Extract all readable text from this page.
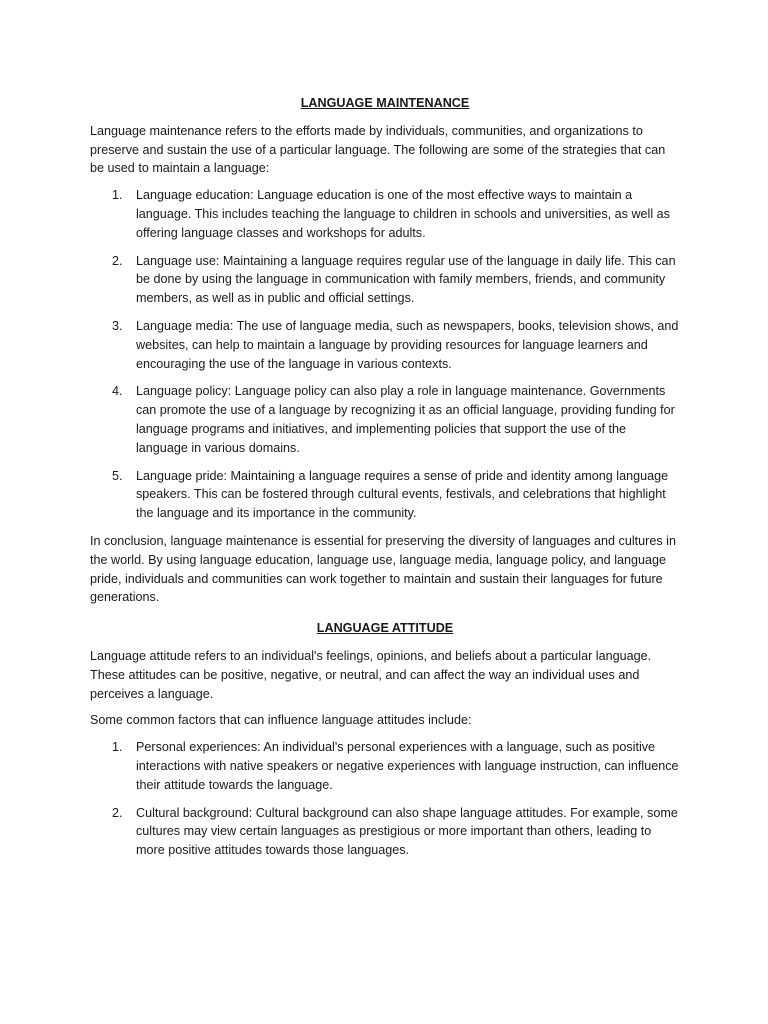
LANGUAGE MAINTENANCE

Language maintenance refers to the efforts made by individuals, communities, and organizations to preserve and sustain the use of a particular language. The following are some of the strategies that can be used to maintain a language:

1. Language education: Language education is one of the most effective ways to maintain a language. This includes teaching the language to children in schools and universities, as well as offering language classes and workshops for adults.
2. Language use: Maintaining a language requires regular use of the language in daily life. This can be done by using the language in communication with family members, friends, and community members, as well as in public and official settings.
3. Language media: The use of language media, such as newspapers, books, television shows, and websites, can help to maintain a language by providing resources for language learners and encouraging the use of the language in various contexts.
4. Language policy: Language policy can also play a role in language maintenance. Governments can promote the use of a language by recognizing it as an official language, providing funding for language programs and initiatives, and implementing policies that support the use of the language in various domains.
5. Language pride: Maintaining a language requires a sense of pride and identity among language speakers. This can be fostered through cultural events, festivals, and celebrations that highlight the language and its importance in the community.

In conclusion, language maintenance is essential for preserving the diversity of languages and cultures in the world. By using language education, language use, language media, language policy, and language pride, individuals and communities can work together to maintain and sustain their languages for future generations.

LANGUAGE ATTITUDE

Language attitude refers to an individual's feelings, opinions, and beliefs about a particular language. These attitudes can be positive, negative, or neutral, and can affect the way an individual uses and perceives a language.

Some common factors that can influence language attitudes include:

1. Personal experiences: An individual's personal experiences with a language, such as positive interactions with native speakers or negative experiences with language instruction, can influence their attitude towards the language.
2. Cultural background: Cultural background can also shape language attitudes. For example, some cultures may view certain languages as prestigious or more important than others, leading to more positive attitudes towards those languages.
